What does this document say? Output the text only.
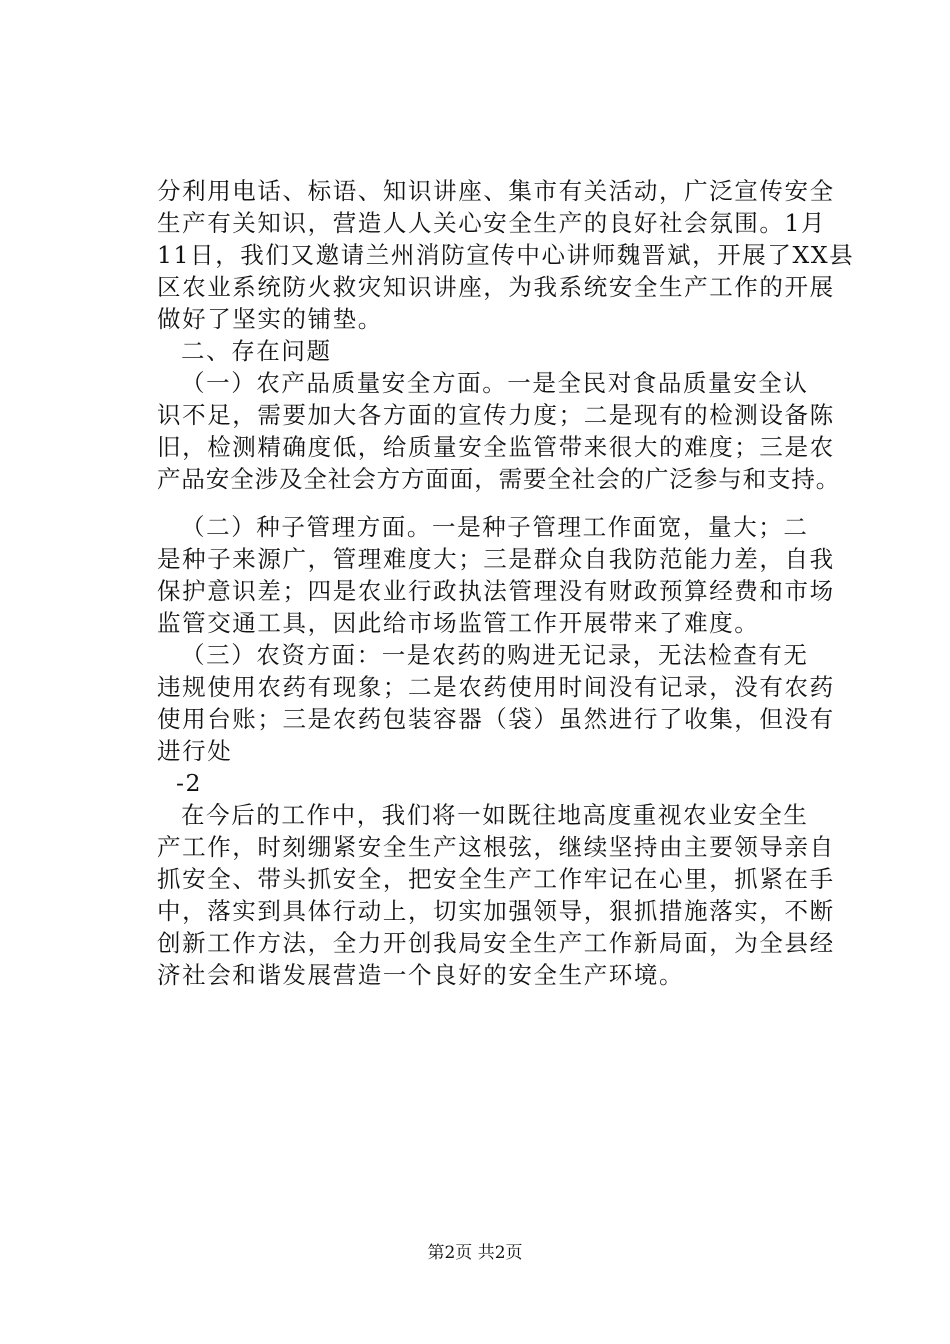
分利用电话、标语、知识讲座、集市有关活动，广泛宣传安全
生产有关知识，营造人人关心安全生产的良好社会氛围。1月
11日，我们又邀请兰州消防宣传中心讲师魏晋斌，开展了XX县
区农业系统防火救灾知识讲座，为我系统安全生产工作的开展
做好了坚实的铺垫。
二、存在问题
（一）农产品质量安全方面。一是全民对食品质量安全认
识不足，需要加大各方面的宣传力度；二是现有的检测设备陈
旧，检测精确度低，给质量安全监管带来很大的难度；三是农
产品安全涉及全社会方方面面，需要全社会的广泛参与和支持。
（二）种子管理方面。一是种子管理工作面宽，量大；二
是种子来源广，管理难度大；三是群众自我防范能力差，自我
保护意识差；四是农业行政执法管理没有财政预算经费和市场
监管交通工具，因此给市场监管工作开展带来了难度。
（三）农资方面：一是农药的购进无记录，无法检查有无
违规使用农药有现象；二是农药使用时间没有记录，没有农药
使用台账；三是农药包装容器（袋）虽然进行了收集，但没有
进行处
-2
在今后的工作中，我们将一如既往地高度重视农业安全生
产工作，时刻绷紧安全生产这根弦，继续坚持由主要领导亲自
抓安全、带头抓安全，把安全生产工作牢记在心里，抓紧在手
中，落实到具体行动上，切实加强领导，狠抓措施落实，不断
创新工作方法，全力开创我局安全生产工作新局面，为全县经
济社会和谐发展营造一个良好的安全生产环境。
第2页 共2页
